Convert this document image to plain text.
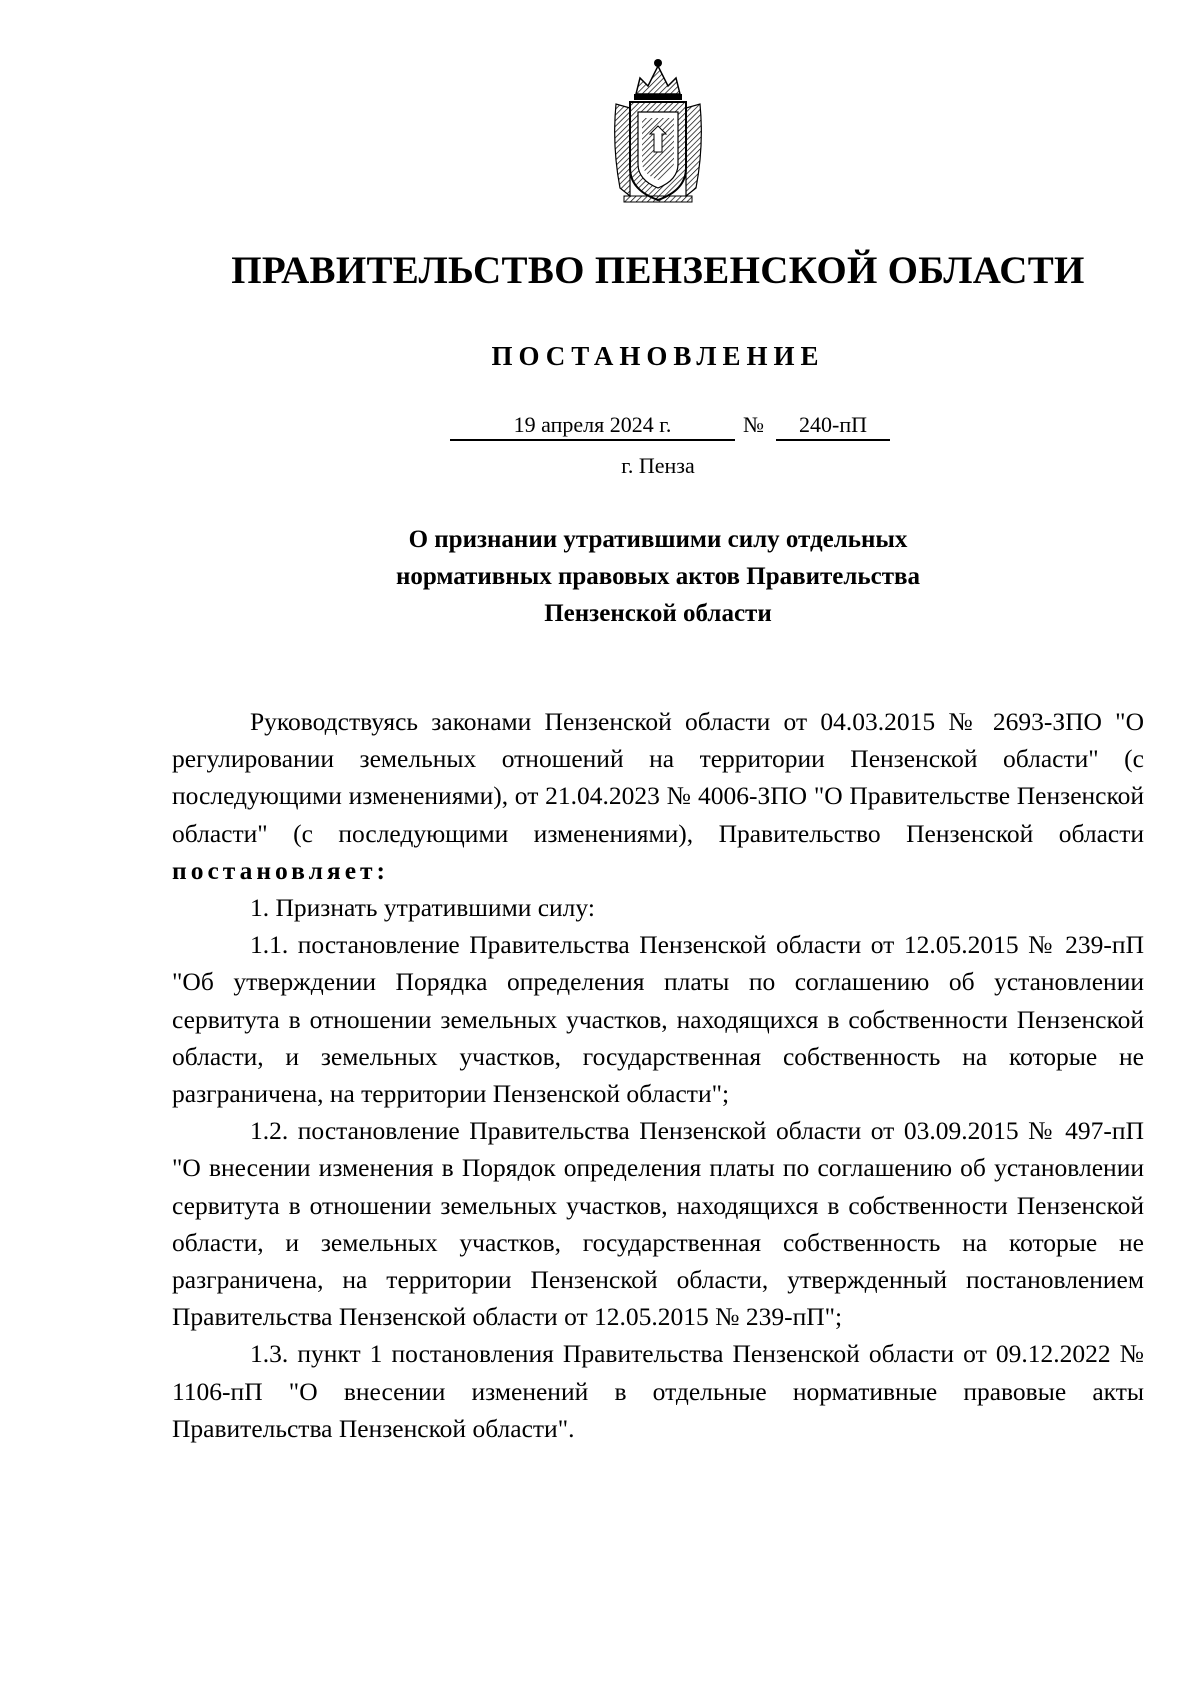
ПРАВИТЕЛЬСТВО ПЕНЗЕНСКОЙ ОБЛАСТИ
ПОСТАНОВЛЕНИЕ
19 апреля 2024 г.	№	240-пП
г. Пенза
О признании утратившими силу отдельных
нормативных правовых актов Правительства
Пензенской области

Руководствуясь законами Пензенской области от 04.03.2015 № 2693-ЗПО "О регулировании земельных отношений на территории Пензенской области" (с последующими изменениями), от 21.04.2023 № 4006-ЗПО "О Правительстве Пензенской области" (с последующими изменениями), Правительство Пензенской области постановляет:

1. Признать утратившими силу:

1.1. постановление Правительства Пензенской области от 12.05.2015 № 239-пП "Об утверждении Порядка определения платы по соглашению об установлении сервитута в отношении земельных участков, находящихся в собственности Пензенской области, и земельных участков, государственная собственность на которые не разграничена, на территории Пензенской области";

1.2. постановление Правительства Пензенской области от 03.09.2015 № 497-пП "О внесении изменения в Порядок определения платы по соглашению об установлении сервитута в отношении земельных участков, находящихся в собственности Пензенской области, и земельных участков, государственная собственность на которые не разграничена, на территории Пензенской области, утвержденный постановлением Правительства Пензенской области от 12.05.2015 № 239-пП";

1.3. пункт 1 постановления Правительства Пензенской области от 09.12.2022 № 1106-пП "О внесении изменений в отдельные нормативные правовые акты Правительства Пензенской области".
